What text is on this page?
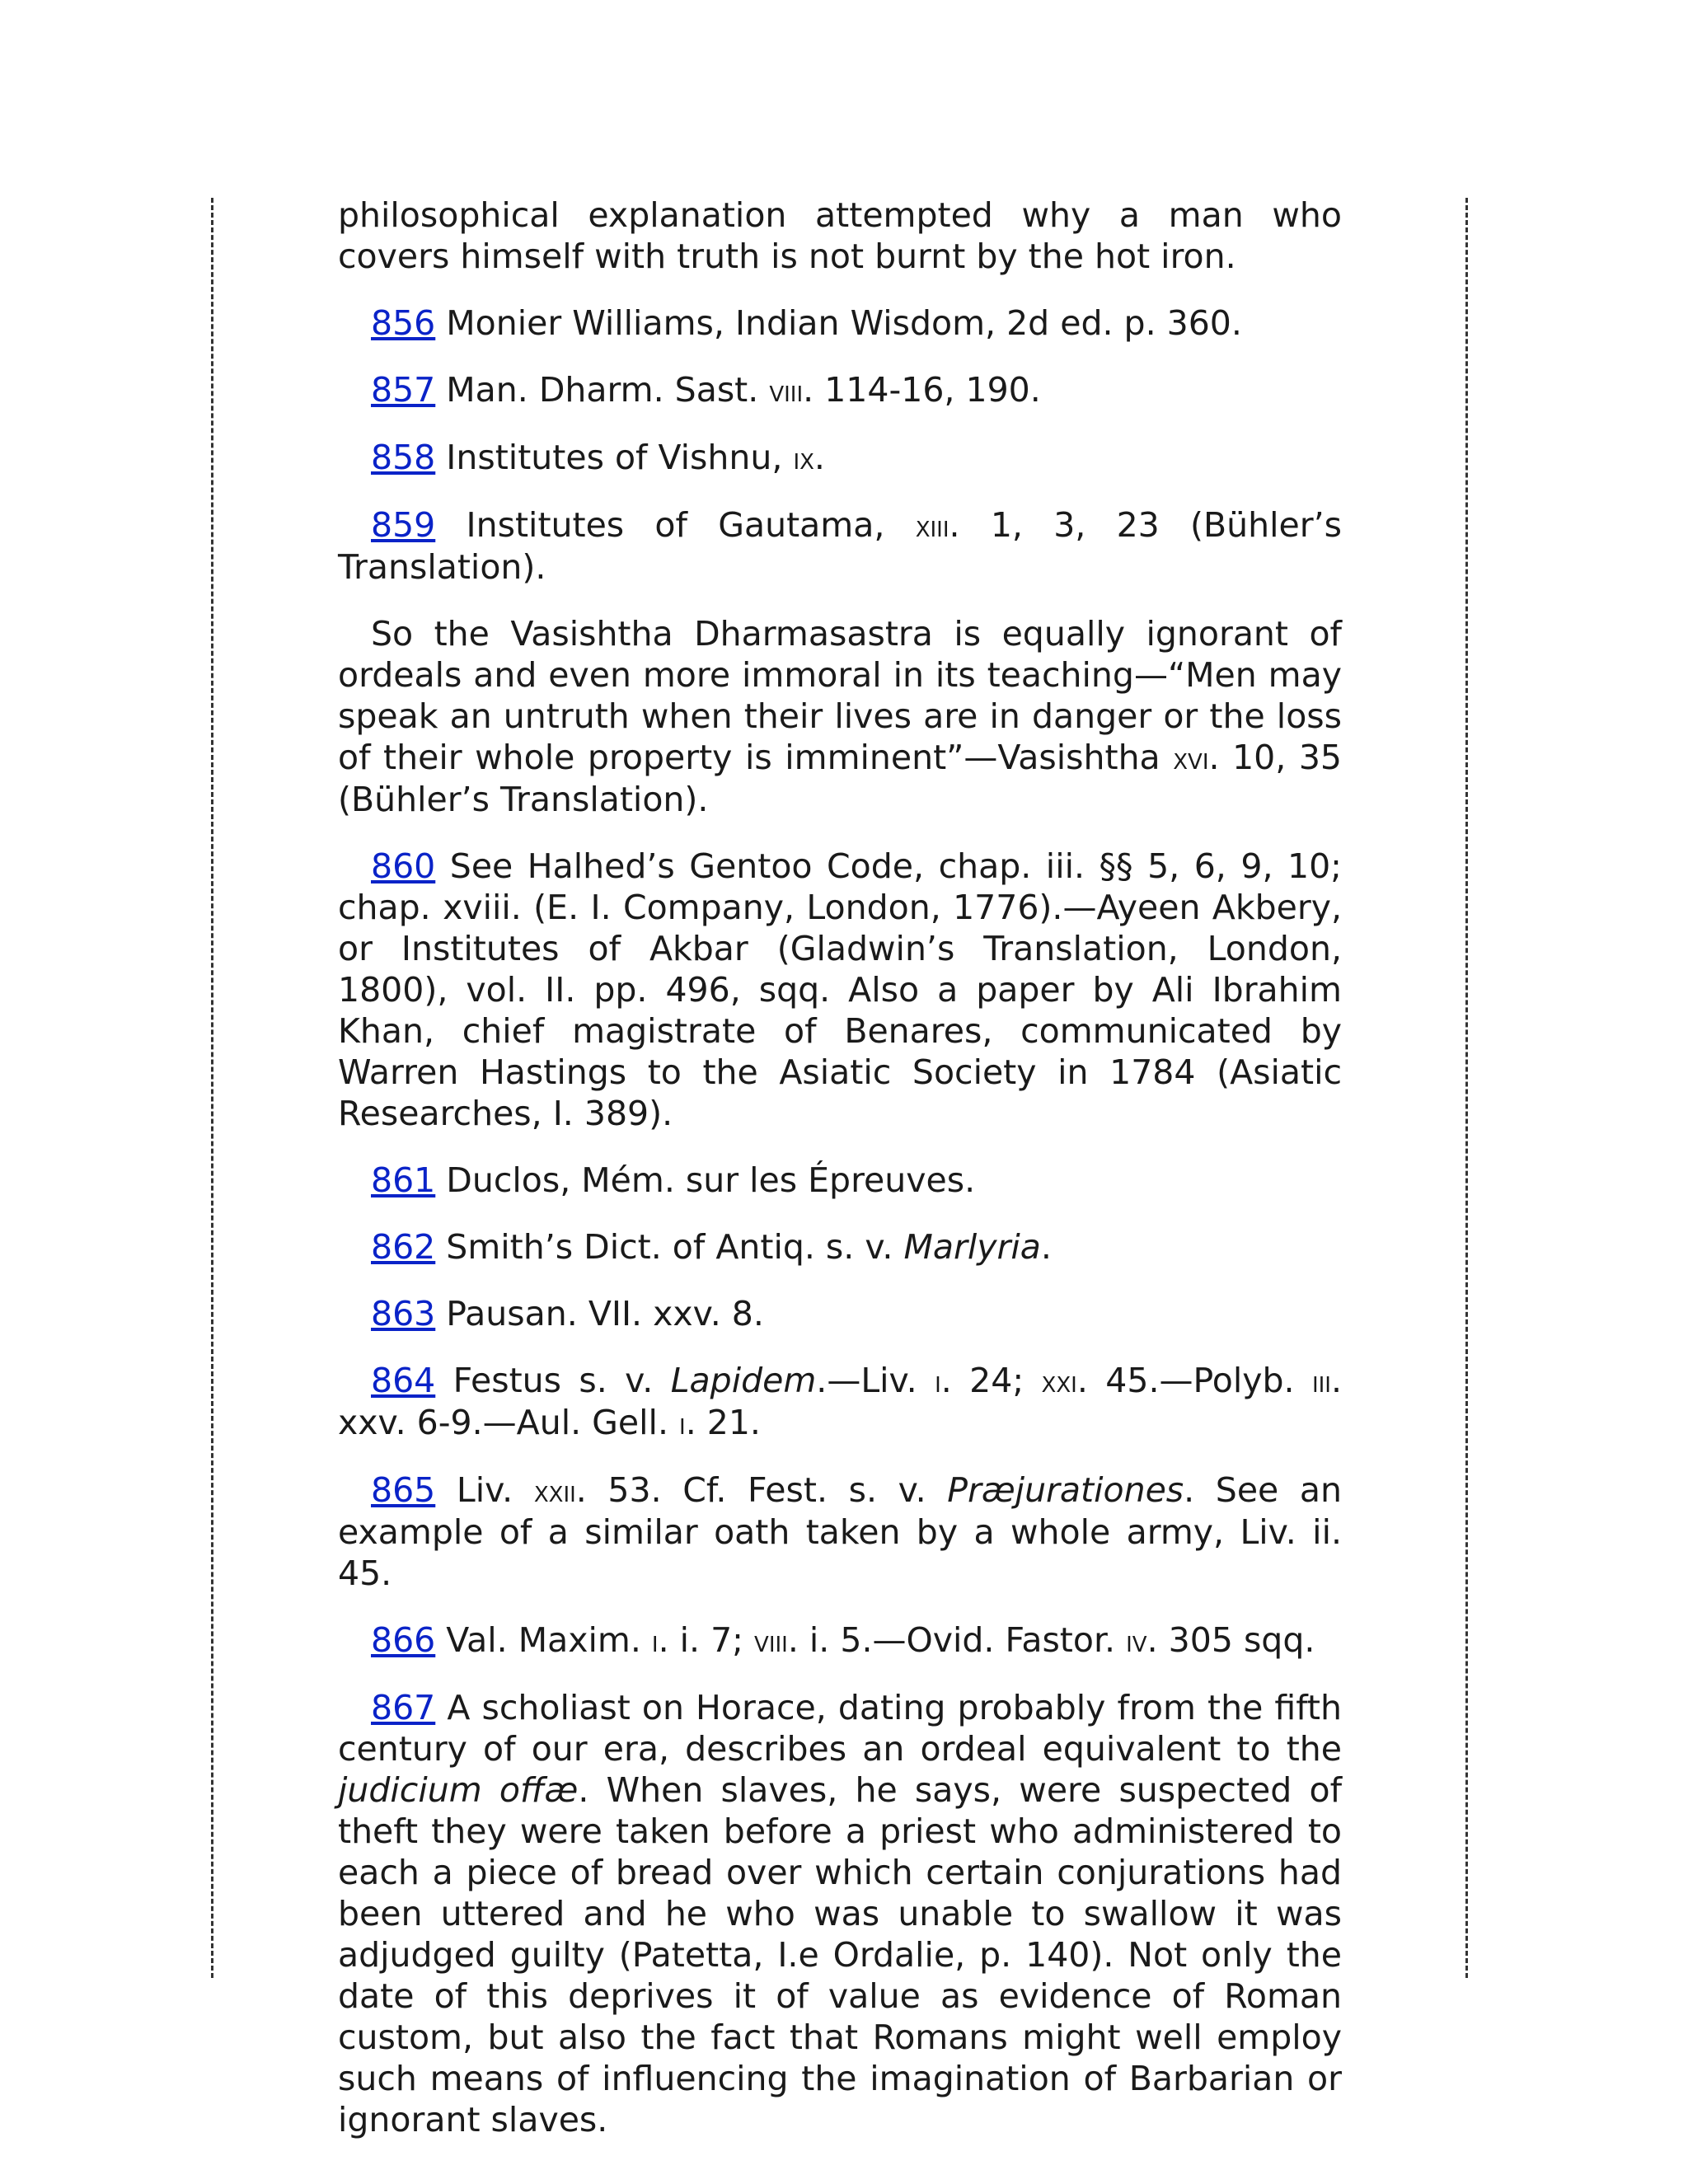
philosophical explanation attempted why a man who covers himself with truth is not burnt by the hot iron.

856 Monier Williams, Indian Wisdom, 2d ed. p. 360.

857 Man. Dharm. Sast. viii. 114-16, 190.

858 Institutes of Vishnu, ix.

859 Institutes of Gautama, xiii. 1, 3, 23 (Bühler’s Translation).

So the Vasishtha Dharmasastra is equally ignorant of ordeals and even more immoral in its teaching—“Men may speak an untruth when their lives are in danger or the loss of their whole property is imminent”—Vasishtha xvi. 10, 35 (Bühler’s Translation).

860 See Halhed’s Gentoo Code, chap. iii. §§ 5, 6, 9, 10; chap. xviii. (E. I. Company, London, 1776).—Ayeen Akbery, or Institutes of Akbar (Gladwin’s Translation, London, 1800), vol. II. pp. 496, sqq. Also a paper by Ali Ibrahim Khan, chief magistrate of Benares, communicated by Warren Hastings to the Asiatic Society in 1784 (Asiatic Researches, I. 389).

861 Duclos, Mém. sur les Épreuves.

862 Smith’s Dict. of Antiq. s. v. Marlyria.

863 Pausan. VII. xxv. 8.

864 Festus s. v. Lapidem.—Liv. i. 24; xxi. 45.—Polyb. iii. xxv. 6-9.—Aul. Gell. i. 21.

865 Liv. xxii. 53. Cf. Fest. s. v. Præjurationes. See an example of a similar oath taken by a whole army, Liv. ii. 45.

866 Val. Maxim. i. i. 7; viii. i. 5.—Ovid. Fastor. iv. 305 sqq.

867 A scholiast on Horace, dating probably from the fifth century of our era, describes an ordeal equivalent to the judicium offæ. When slaves, he says, were suspected of theft they were taken before a priest who administered to each a piece of bread over which certain conjurations had been uttered and he who was unable to swallow it was adjudged guilty (Patetta, I.e Ordalie, p. 140). Not only the date of this deprives it of value as evidence of Roman custom, but also the fact that Romans might well employ such means of influencing the imagination of Barbarian or ignorant slaves.
